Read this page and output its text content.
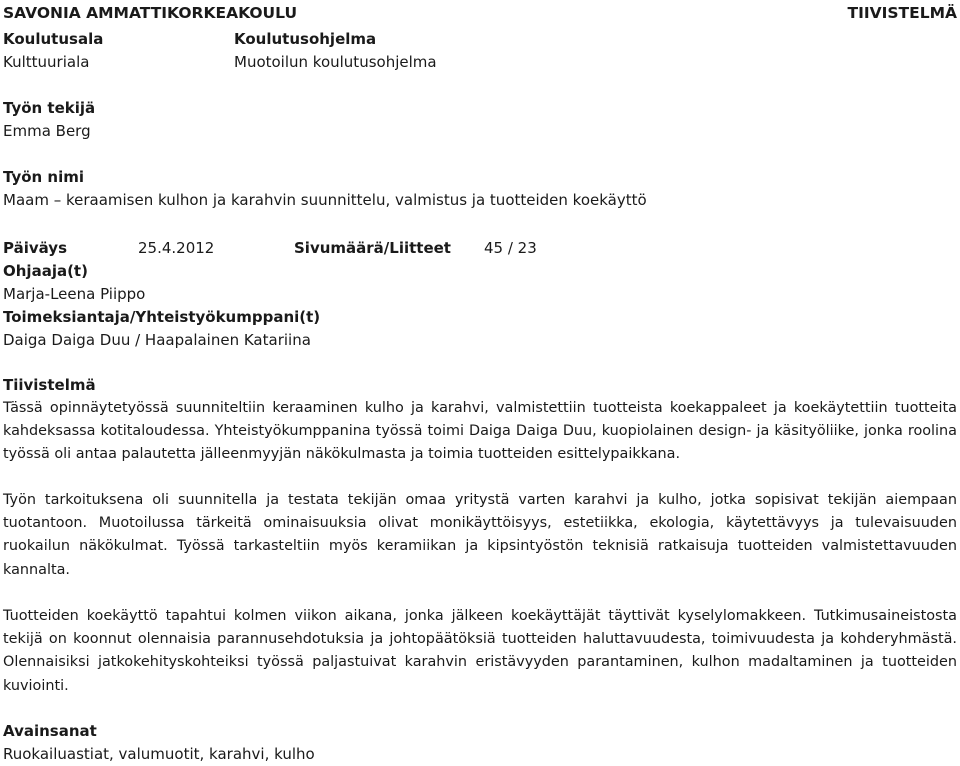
SAVONIA AMMATTIKORKEAKOULU	TIIVISTELMÄ
Koulutusala
Kulttuuriala
Koulutusohjelma
Muotoilun koulutusohjelma
Työn tekijä
Emma Berg
Työn nimi
Maam – keraamisen kulhon ja karahvin suunnittelu, valmistus ja tuotteiden koekäyttö
Päiväys	25.4.2012	Sivumäärä/Liitteet 45 / 23
Ohjaaja(t)
Marja-Leena Piippo
Toimeksiantaja/Yhteistyökumppani(t)
Daiga Daiga Duu / Haapalainen Katariina
Tiivistelmä
Tässä opinnäytetyössä suunniteltiin keraaminen kulho ja karahvi, valmistettiin tuotteista koekappaleet ja koekäytettiin tuotteita kahdeksassa kotitaloudessa. Yhteistyökumppanina työssä toimi Daiga Daiga Duu, kuopiolainen design- ja käsityöliike, jonka roolina työssä oli antaa palautetta jälleenmyyjän näkökulmasta ja toimia tuotteiden esittelypaikkana.
Työn tarkoituksena oli suunnitella ja testata tekijän omaa yritystä varten karahvi ja kulho, jotka sopisivat tekijän aiempaan tuotantoon. Muotoilussa tärkeitä ominaisuuksia olivat monikäyttöisyys, estetiikka, ekologia, käytettävyys ja tulevaisuuden ruokailun näkökulmat. Työssä tarkasteltiin myös keramiikan ja kipsintyöstön teknisiä ratkaisuja tuotteiden valmistettavuuden kannalta.
Tuotteiden koekäyttö tapahtui kolmen viikon aikana, jonka jälkeen koekäyttäjät täyttivät kyselylomakkeen. Tutkimusaineistosta tekijä on koonnut olennaisia parannusehdotuksia ja johtopäätöksiä tuotteiden haluttavuudesta, toimivuudesta ja kohderyhmästä. Olennaisiksi jatkokehityskohteiksi työssä paljastuivat karahvin eristävyyden parantaminen, kulhon madaltaminen ja tuotteiden kuviointi.
Avainsanat
Ruokailuastiat, valumuotit, karahvi, kulho
